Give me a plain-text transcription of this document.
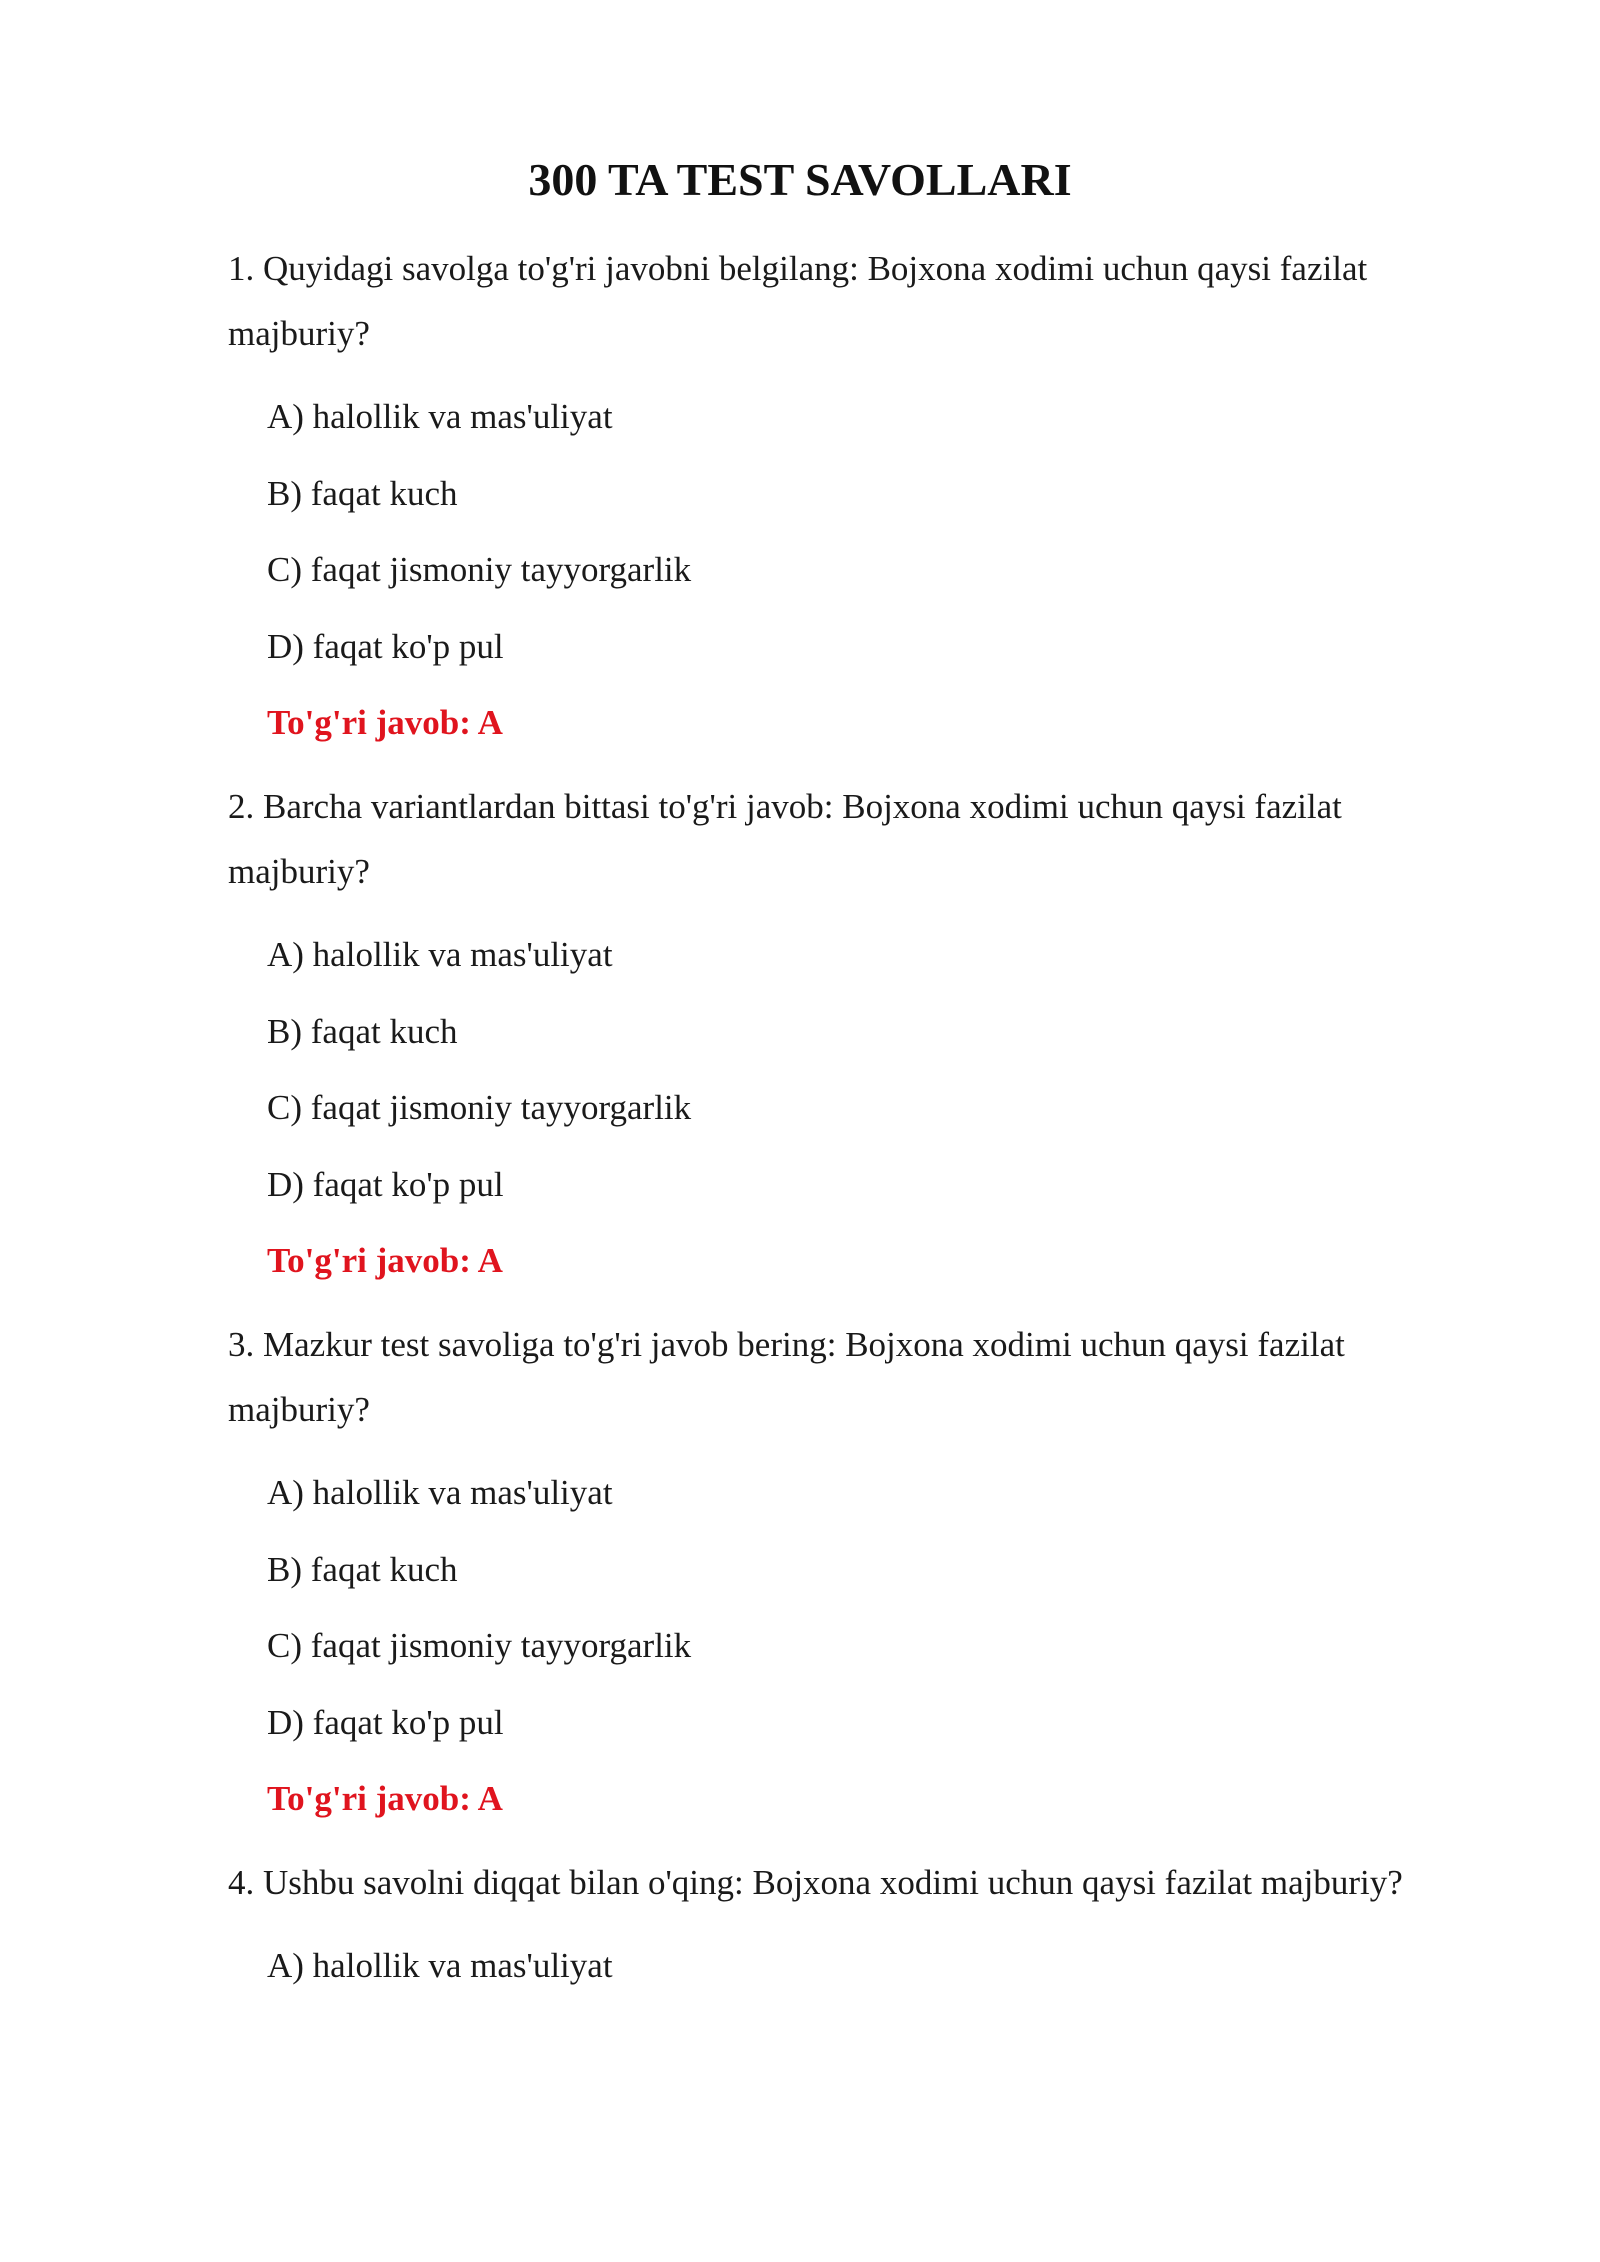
300 TA TEST SAVOLLARI

1. Quyidagi savolga to'g'ri javobni belgilang: Bojxona xodimi uchun qaysi fazilat majburiy?

A) halollik va mas'uliyat
B) faqat kuch
C) faqat jismoniy tayyorgarlik
D) faqat ko'p pul
To'g'ri javob: A

2. Barcha variantlardan bittasi to'g'ri javob: Bojxona xodimi uchun qaysi fazilat majburiy?

A) halollik va mas'uliyat
B) faqat kuch
C) faqat jismoniy tayyorgarlik
D) faqat ko'p pul
To'g'ri javob: A

3. Mazkur test savoliga to'g'ri javob bering: Bojxona xodimi uchun qaysi fazilat majburiy?

A) halollik va mas'uliyat
B) faqat kuch
C) faqat jismoniy tayyorgarlik
D) faqat ko'p pul
To'g'ri javob: A

4. Ushbu savolni diqqat bilan o'qing: Bojxona xodimi uchun qaysi fazilat majburiy?

A) halollik va mas'uliyat
